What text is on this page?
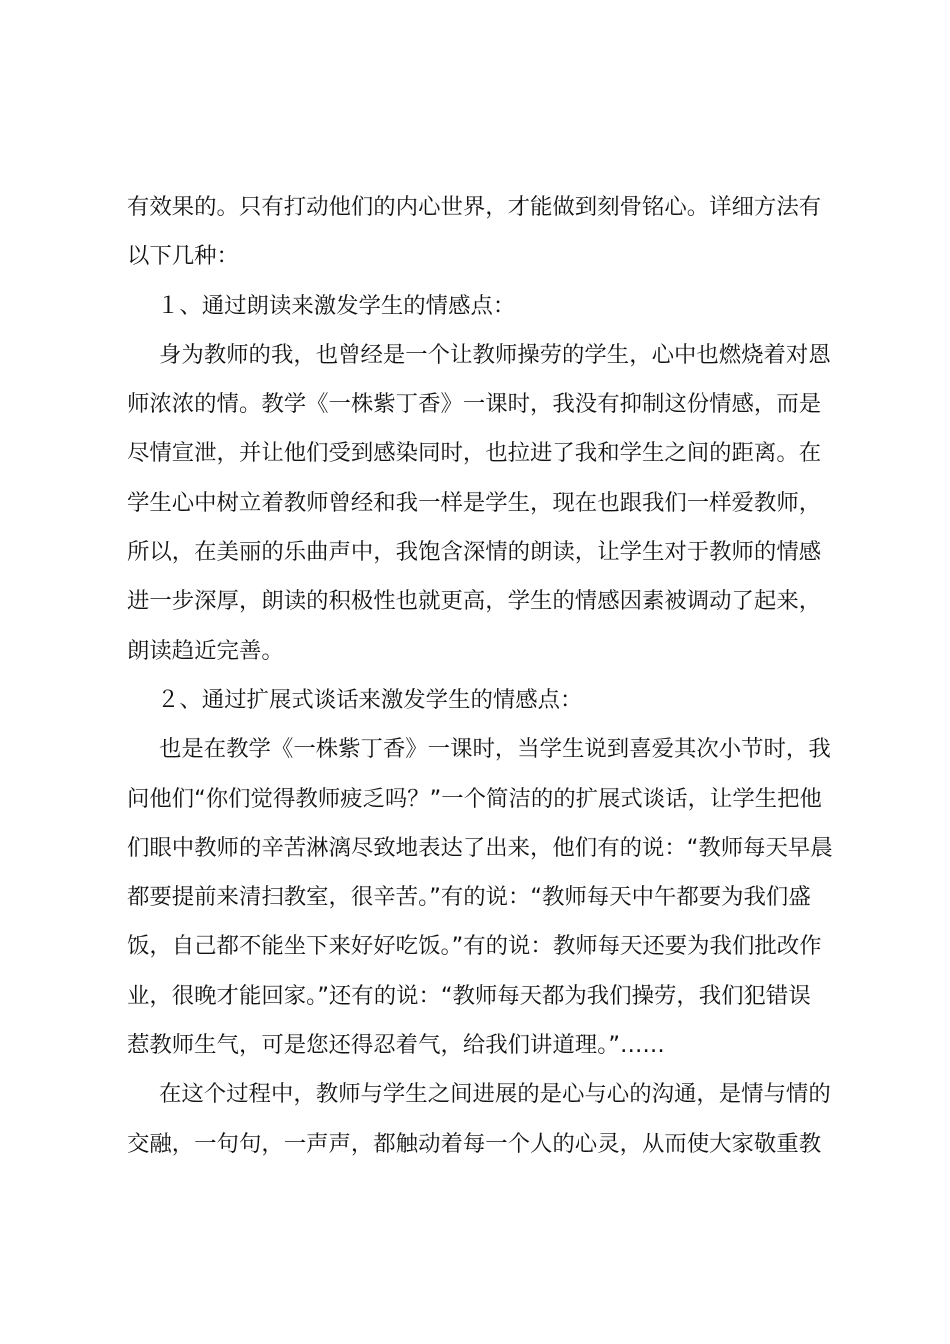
有效果的。只有打动他们的内心世界，才能做到刻骨铭心。详细方法有
以下几种：
１、通过朗读来激发学生的情感点：
身为教师的我，也曾经是一个让教师操劳的学生，心中也燃烧着对恩
师浓浓的情。教学《一株紫丁香》一课时，我没有抑制这份情感，而是
尽情宣泄，并让他们受到感染同时，也拉进了我和学生之间的距离。在
学生心中树立着教师曾经和我一样是学生，现在也跟我们一样爱教师，
所以，在美丽的乐曲声中，我饱含深情的朗读，让学生对于教师的情感
进一步深厚，朗读的积极性也就更高，学生的情感因素被调动了起来，
朗读趋近完善。
２、通过扩展式谈话来激发学生的情感点：
也是在教学《一株紫丁香》一课时，当学生说到喜爱其次小节时，我
问他们“你们觉得教师疲乏吗？”一个简洁的的扩展式谈话，让学生把他
们眼中教师的辛苦淋漓尽致地表达了出来，他们有的说：“教师每天早晨
都要提前来清扫教室，很辛苦。”有的说：“教师每天中午都要为我们盛
饭，自己都不能坐下来好好吃饭。”有的说：教师每天还要为我们批改作
业，很晚才能回家。”还有的说：“教师每天都为我们操劳，我们犯错误
惹教师生气，可是您还得忍着气，给我们讲道理。”……
在这个过程中，教师与学生之间进展的是心与心的沟通，是情与情的
交融，一句句，一声声，都触动着每一个人的心灵，从而使大家敬重教
